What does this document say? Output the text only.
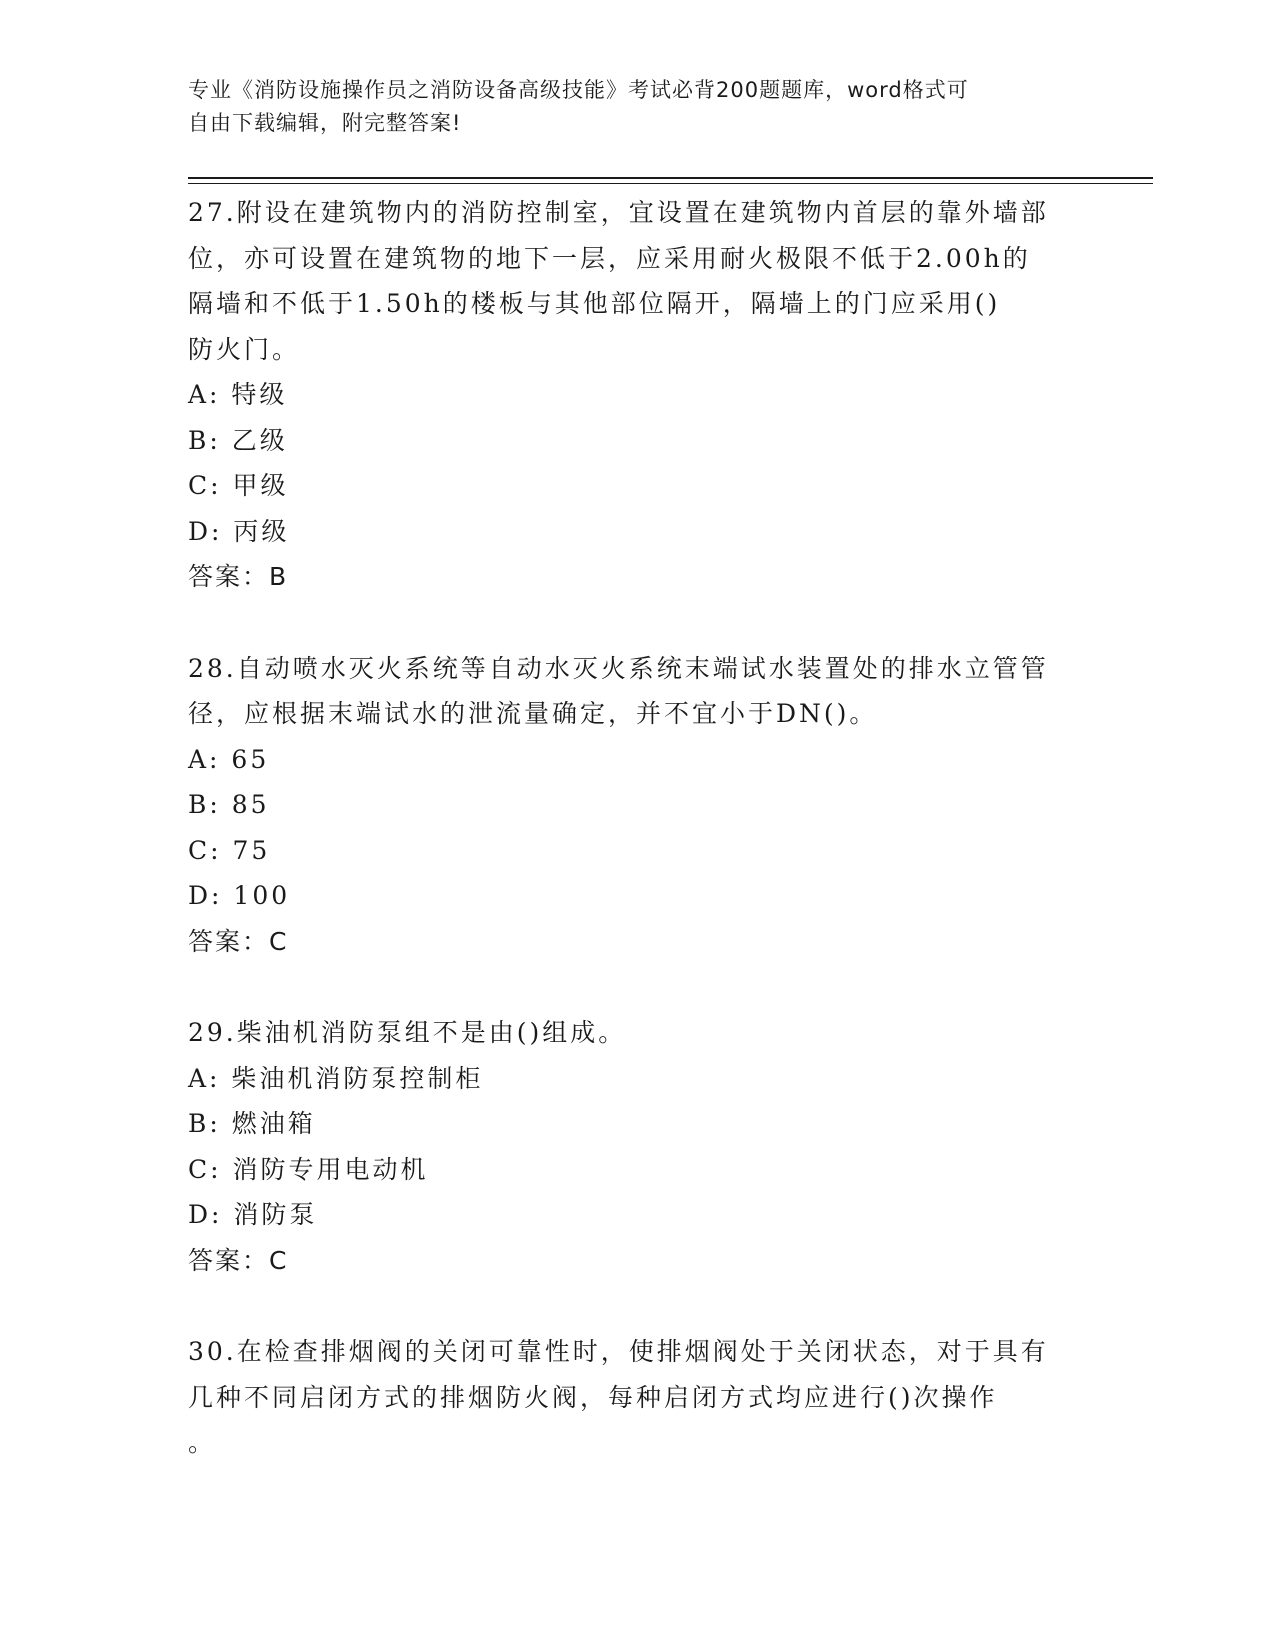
专业《消防设施操作员之消防设备高级技能》考试必背200题题库，word格式可
自由下载编辑，附完整答案!
27.附设在建筑物内的消防控制室，宜设置在建筑物内首层的靠外墙部
位，亦可设置在建筑物的地下一层，应采用耐火极限不低于2.00h的
隔墙和不低于1.50h的楼板与其他部位隔开，隔墙上的门应采用()
防火门。
A: 特级
B: 乙级
C: 甲级
D: 丙级
答案：B
28.自动喷水灭火系统等自动水灭火系统末端试水装置处的排水立管管
径，应根据末端试水的泄流量确定，并不宜小于DN()。
A: 65
B: 85
C: 75
D: 100
答案：C
29.柴油机消防泵组不是由()组成。
A: 柴油机消防泵控制柜
B: 燃油箱
C: 消防专用电动机
D: 消防泵
答案：C
30.在检查排烟阀的关闭可靠性时，使排烟阀处于关闭状态，对于具有
几种不同启闭方式的排烟防火阀，每种启闭方式均应进行()次操作
。
